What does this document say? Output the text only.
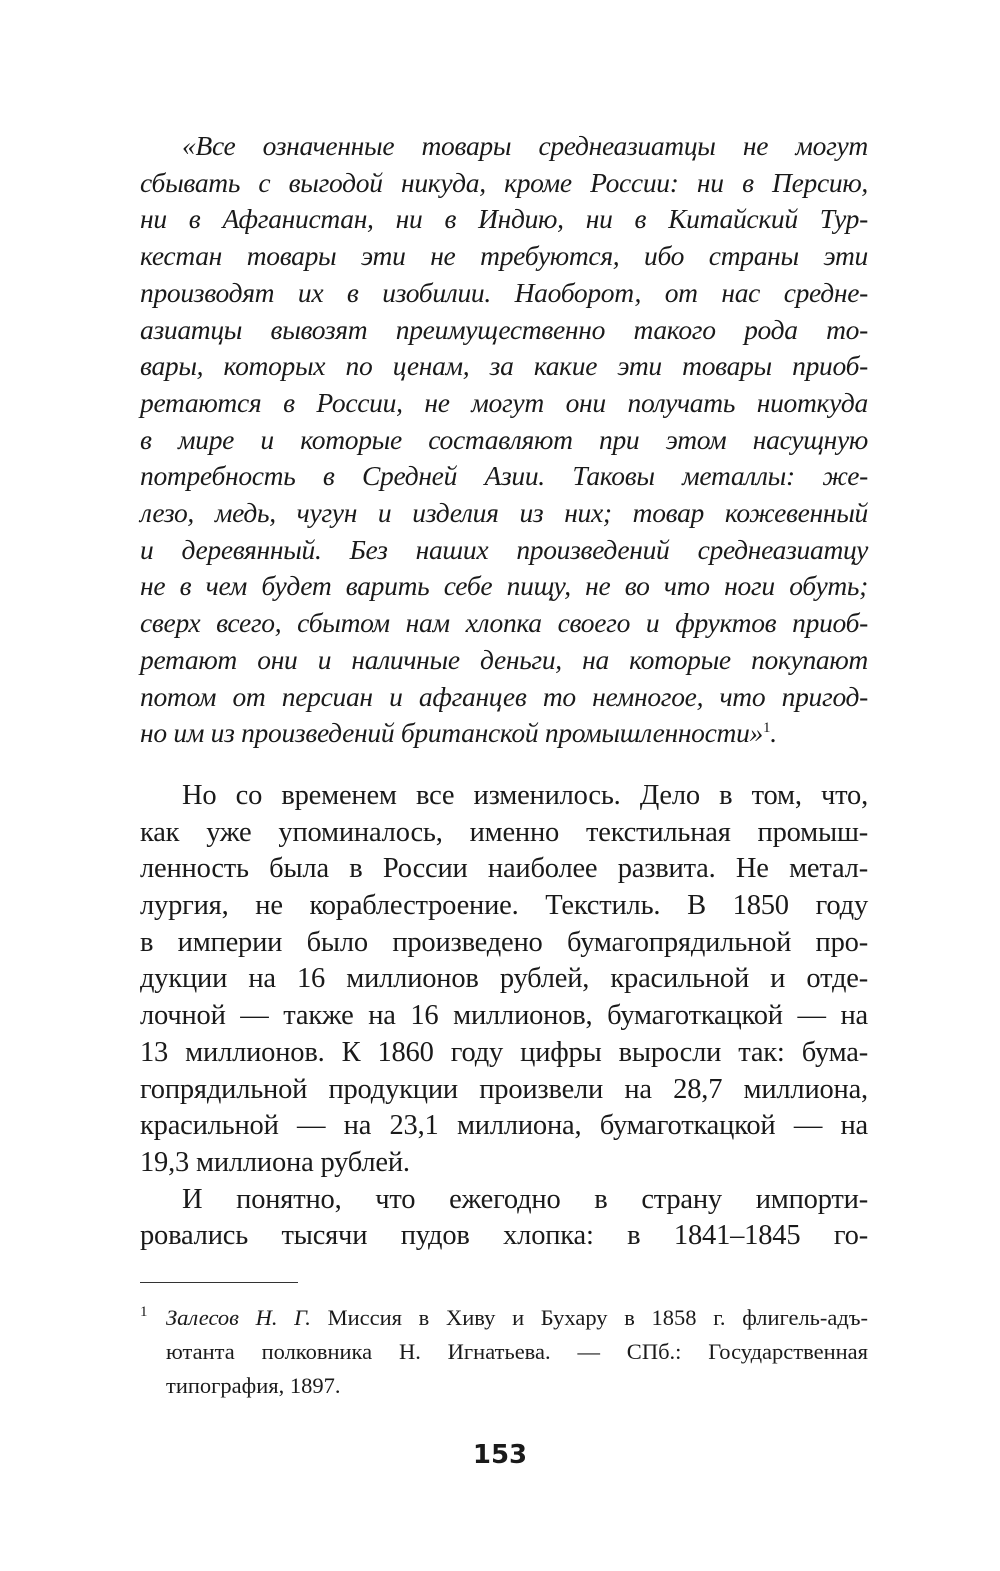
«Все означенные товары среднеазиатцы не могут
сбывать с выгодой никуда, кроме России: ни в Персию,
ни в Афганистан, ни в Индию, ни в Китайский Тур-
кестан товары эти не требуются, ибо страны эти
производят их в изобилии. Наоборот, от нас средне-
азиатцы вывозят преимущественно такого рода то-
вары, которых по ценам, за какие эти товары приоб-
ретаются в России, не могут они получать ниоткуда
в мире и которые составляют при этом насущную
потребность в Средней Азии. Таковы металлы: же-
лезо, медь, чугун и изделия из них; товар кожевенный
и деревянный. Без наших произведений среднеазиатцу
не в чем будет варить себе пищу, не во что ноги обуть;
сверх всего, сбытом нам хлопка своего и фруктов приоб-
ретают они и наличные деньги, на которые покупают
потом от персиан и афганцев то немногое, что пригод-
но им из произведений британской промышленности»$^1$.
Но со временем все изменилось. Дело в том, что,
как уже упоминалось, именно текстильная промыш-
ленность была в России наиболее развита. Не метал-
лургия, не кораблестроение. Текстиль. В 1850 году
в империи было произведено бумагопрядильной про-
дукции на 16 миллионов рублей, красильной и отде-
лочной — также на 16 миллионов, бумаготкацкой — на
13 миллионов. К 1860 году цифры выросли так: бума-
гопрядильной продукции произвели на 28,7 миллиона,
красильной — на 23,1 миллиона, бумаготкацкой — на
19,3 миллиона рублей.
И понятно, что ежегодно в страну импорти-
ровались тысячи пудов хлопка: в 1841–1845 го-
1 Залесов Н. Г. Миссия в Хиву и Бухару в 1858 г. флигель-адъ-
ютанта полковника Н. Игнатьева. — СПб.: Государственная
типография, 1897.
153
